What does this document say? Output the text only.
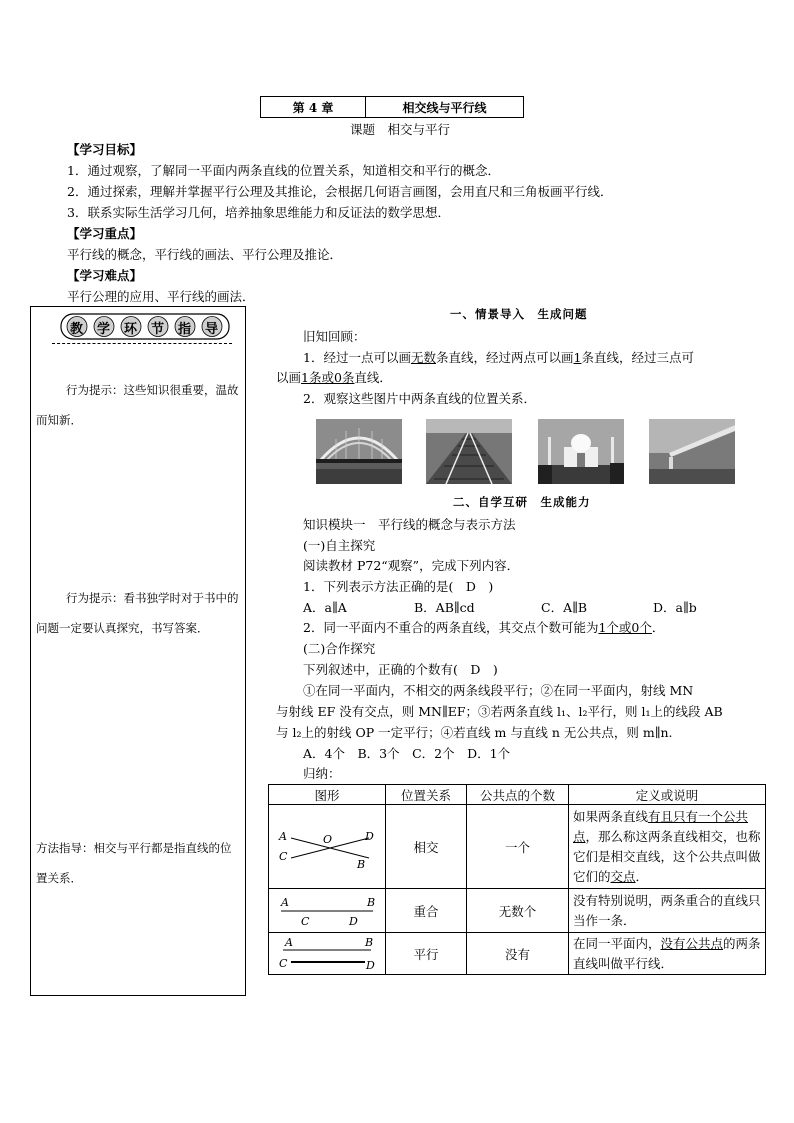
第 4 章	相交线与平行线
课题　相交与平行
【学习目标】
1．通过观察，了解同一平面内两条直线的位置关系，知道相交和平行的概念．
2．通过探索，理解并掌握平行公理及其推论，会根据几何语言画图，会用直尺和三角板画平行线．
3．联系实际生活学习几何，培养抽象思维能力和反证法的数学思想．
【学习重点】
平行线的概念，平行线的画法、平行公理及推论．
【学习难点】
平行公理的应用、平行线的画法．
教 学 环 节 指 导
行为提示：这些知识很重要，温故而知新．
行为提示：看书独学时对于书中的问题一定要认真探究，书写答案．
方法指导：相交与平行都是指直线的位置关系．
一、情景导入　生成问题
旧知回顾：
1．经过一点可以画无数条直线，经过两点可以画1条直线，经过三点可
以画1条或0条直线．
2．观察这些图片中两条直线的位置关系．
二、自学互研　生成能力
知识模块一　平行线的概念与表示方法
(一)自主探究
阅读教材 P72“观察”，完成下列内容．
1．下列表示方法正确的是(　D　)
A．a∥A	B．AB∥cd	C．A∥B	D．a∥b
2．同一平面内不重合的两条直线，其交点个数可能为1个或0个．
(二)合作探究
下列叙述中，正确的个数有(　D　)
①在同一平面内，不相交的两条线段平行；②在同一平面内，射线 MN
与射线 EF 没有交点，则 MN∥EF；③若两条直线 l₁、l₂平行，则 l₁上的线段 AB
与 l₂上的射线 OP 一定平行；④若直线 m 与直线 n 无公共点，则 m∥n.
A．4个　B．3个　C．2个　D．1个
归纳：
图形	位置关系	公共点的个数	定义或说明

A O D
C
B	相交	一个	如果两条直线有且只有一个公共点，那么称这两条直线相交，也称它们是相交直线，这个公共点叫做它们的交点．

A B
C D	重合	无数个	没有特别说明，两条重合的直线只当作一条．

A B
C D	平行	没有	在同一平面内，没有公共点的两条直线叫做平行线．
